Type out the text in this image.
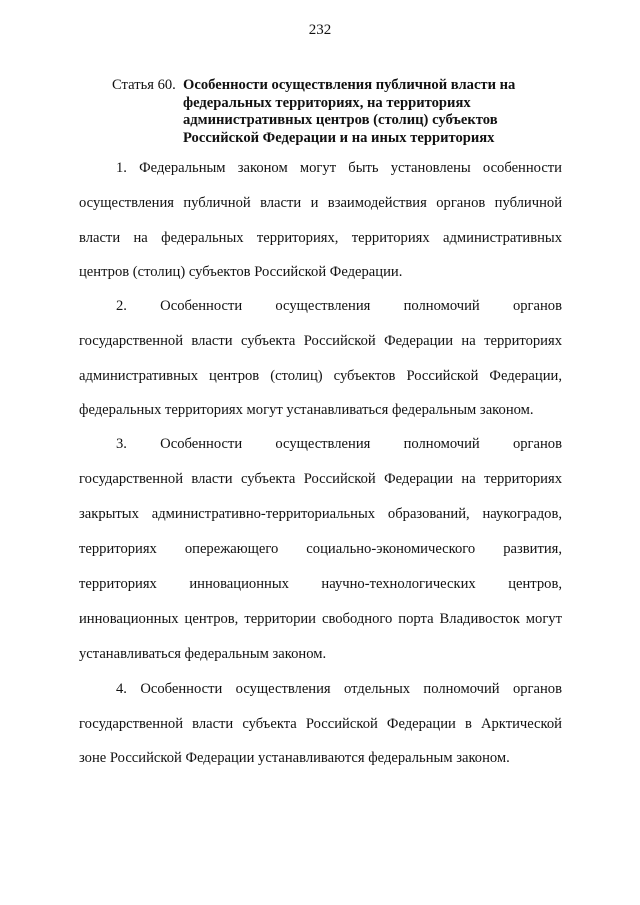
232
Статья 60. Особенности осуществления публичной власти на
федеральных территориях, на территориях
административных центров (столиц) субъектов
Российской Федерации и на иных территориях
1. Федеральным законом могут быть установлены особенности
осуществления публичной власти и взаимодействия органов публичной
власти на федеральных территориях, территориях административных
центров (столиц) субъектов Российской Федерации.
2. Особенности осуществления полномочий органов
государственной власти субъекта Российской Федерации на территориях
административных центров (столиц) субъектов Российской Федерации,
федеральных территориях могут устанавливаться федеральным законом.
3. Особенности осуществления полномочий органов
государственной власти субъекта Российской Федерации на территориях
закрытых административно-территориальных образований, наукоградов,
территориях опережающего социально-экономического развития,
территориях инновационных научно-технологических центров,
инновационных центров, территории свободного порта Владивосток могут
устанавливаться федеральным законом.
4. Особенности осуществления отдельных полномочий органов
государственной власти субъекта Российской Федерации в Арктической
зоне Российской Федерации устанавливаются федеральным законом.
